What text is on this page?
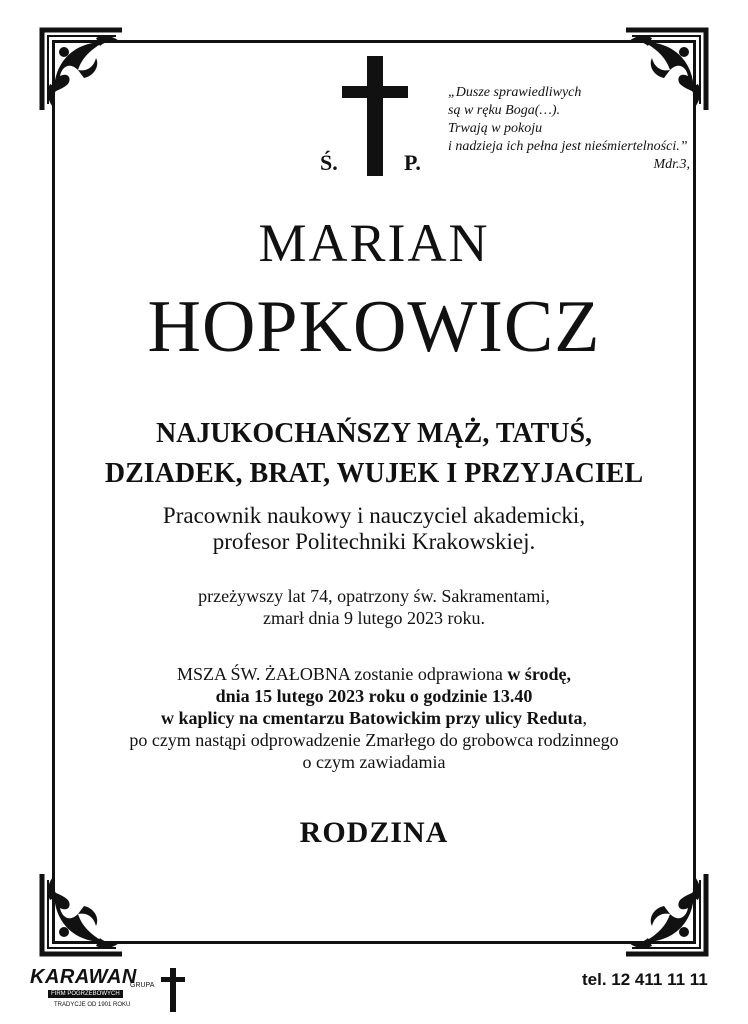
Ś.	P.
„Dusze sprawiedliwych
są w ręku Boga(…).
Trwają w pokoju
i nadzieja ich pełna jest nieśmiertelności.”
Mdr.3,
MARIAN
HOPKOWICZ
NAJUKOCHAŃSZY MĄŻ, TATUŚ,
DZIADEK, BRAT, WUJEK I PRZYJACIEL
Pracownik naukowy i nauczyciel akademicki,
profesor Politechniki Krakowskiej.
przeżywszy lat 74, opatrzony św. Sakramentami,
zmarł dnia 9 lutego 2023 roku.
MSZA ŚW. ŻAŁOBNA zostanie odprawiona w środę,
dnia 15 lutego 2023 roku o godzinie 13.40
w kaplicy na cmentarzu Batowickim przy ulicy Reduta,
po czym nastąpi odprowadzenie Zmarłego do grobowca rodzinnego
o czym zawiadamia
RODZINA
KARAWAN
GRUPA
FIRM POGRZEBOWYCH
TRADYCJE OD 1901 ROKU
tel. 12 411 11 11
